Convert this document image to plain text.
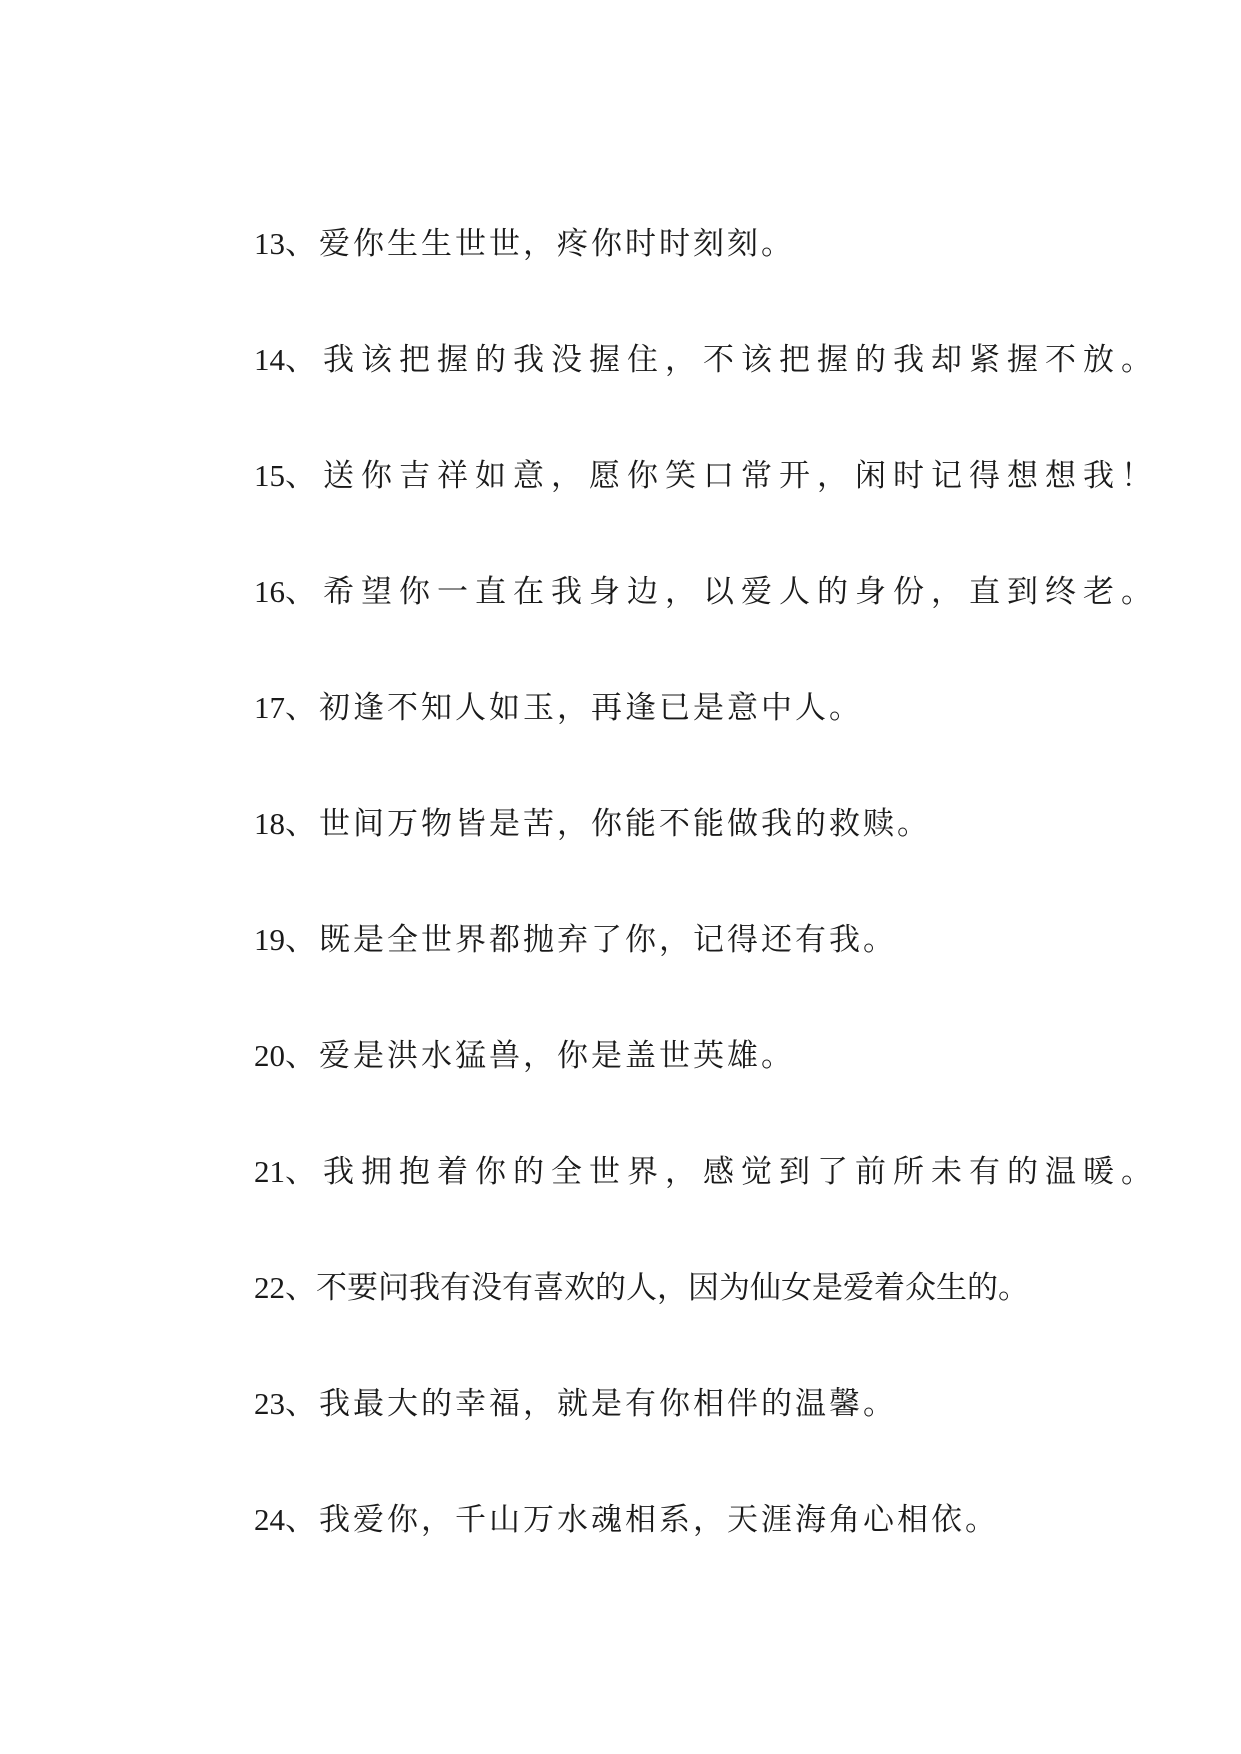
13、爱你生生世世，疼你时时刻刻。
14、我该把握的我没握住，不该把握的我却紧握不放。
15、送你吉祥如意，愿你笑口常开，闲时记得想想我！
16、希望你一直在我身边，以爱人的身份，直到终老。
17、初逢不知人如玉，再逢已是意中人。
18、世间万物皆是苦，你能不能做我的救赎。
19、既是全世界都抛弃了你，记得还有我。
20、爱是洪水猛兽，你是盖世英雄。
21、我拥抱着你的全世界，感觉到了前所未有的温暖。
22、不要问我有没有喜欢的人，因为仙女是爱着众生的。
23、我最大的幸福，就是有你相伴的温馨。
24、我爱你，千山万水魂相系，天涯海角心相依。
